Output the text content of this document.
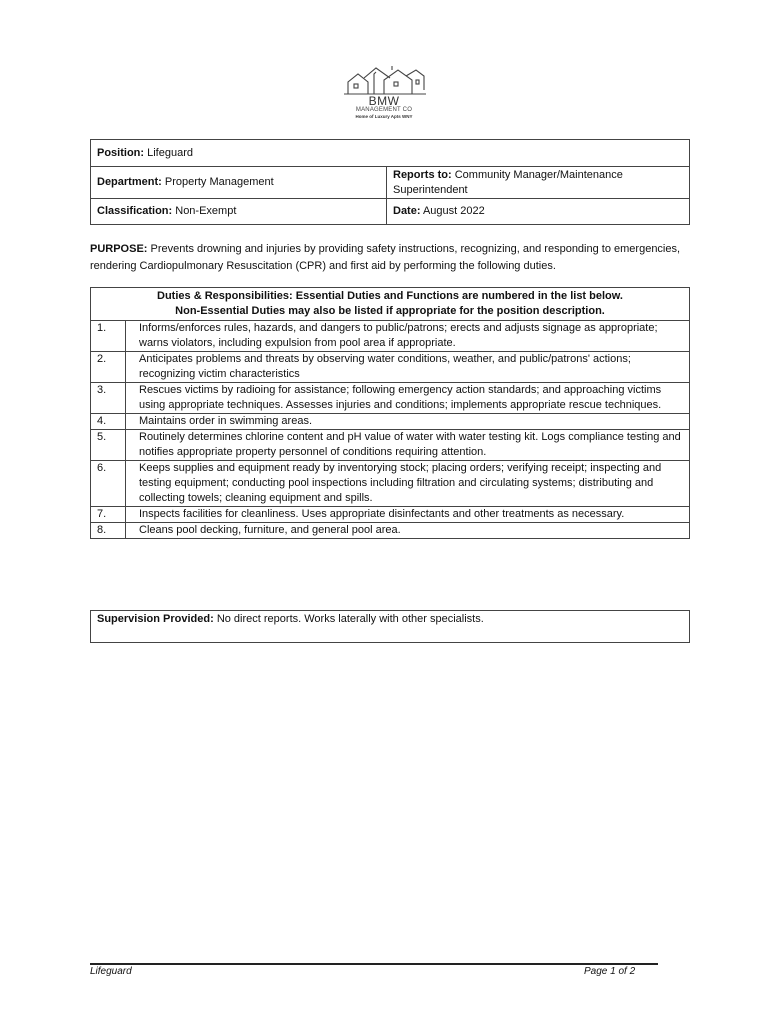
BMW
MANAGEMENT CO
Home of Luxury Apts WNY
Position: Lifeguard	
Department: Property Management	Reports to: Community Manager/Maintenance Superintendent
Classification: Non-Exempt	Date: August 2022
PURPOSE: Prevents drowning and injuries by providing safety instructions, recognizing, and responding to emergencies, rendering Cardiopulmonary Resuscitation (CPR) and first aid by performing the following duties.
Duties & Responsibilities: Essential Duties and Functions are numbered in the list below.
Non-Essential Duties may also be listed if appropriate for the position description.	

1.	Informs/enforces rules, hazards, and dangers to public/patrons; erects and adjusts signage as appropriate; warns violators, including expulsion from pool area if appropriate.
2.	Anticipates problems and threats by observing water conditions, weather, and public/patrons' actions; recognizing victim characteristics
3.	Rescues victims by radioing for assistance; following emergency action standards; and approaching victims using appropriate techniques. Assesses injuries and conditions; implements appropriate rescue techniques.
4.	Maintains order in swimming areas.
5.	Routinely determines chlorine content and pH value of water with water testing kit. Logs compliance testing and notifies appropriate property personnel of conditions requiring attention.
6.	Keeps supplies and equipment ready by inventorying stock; placing orders; verifying receipt; inspecting and testing equipment; conducting pool inspections including filtration and circulating systems; distributing and collecting towels; cleaning equipment and spills.
7.	Inspects facilities for cleanliness. Uses appropriate disinfectants and other treatments as necessary.
8.	Cleans pool decking, furniture, and general pool area.
Supervision Provided: No direct reports. Works laterally with other specialists.
Lifeguard	Page 1 of 2
